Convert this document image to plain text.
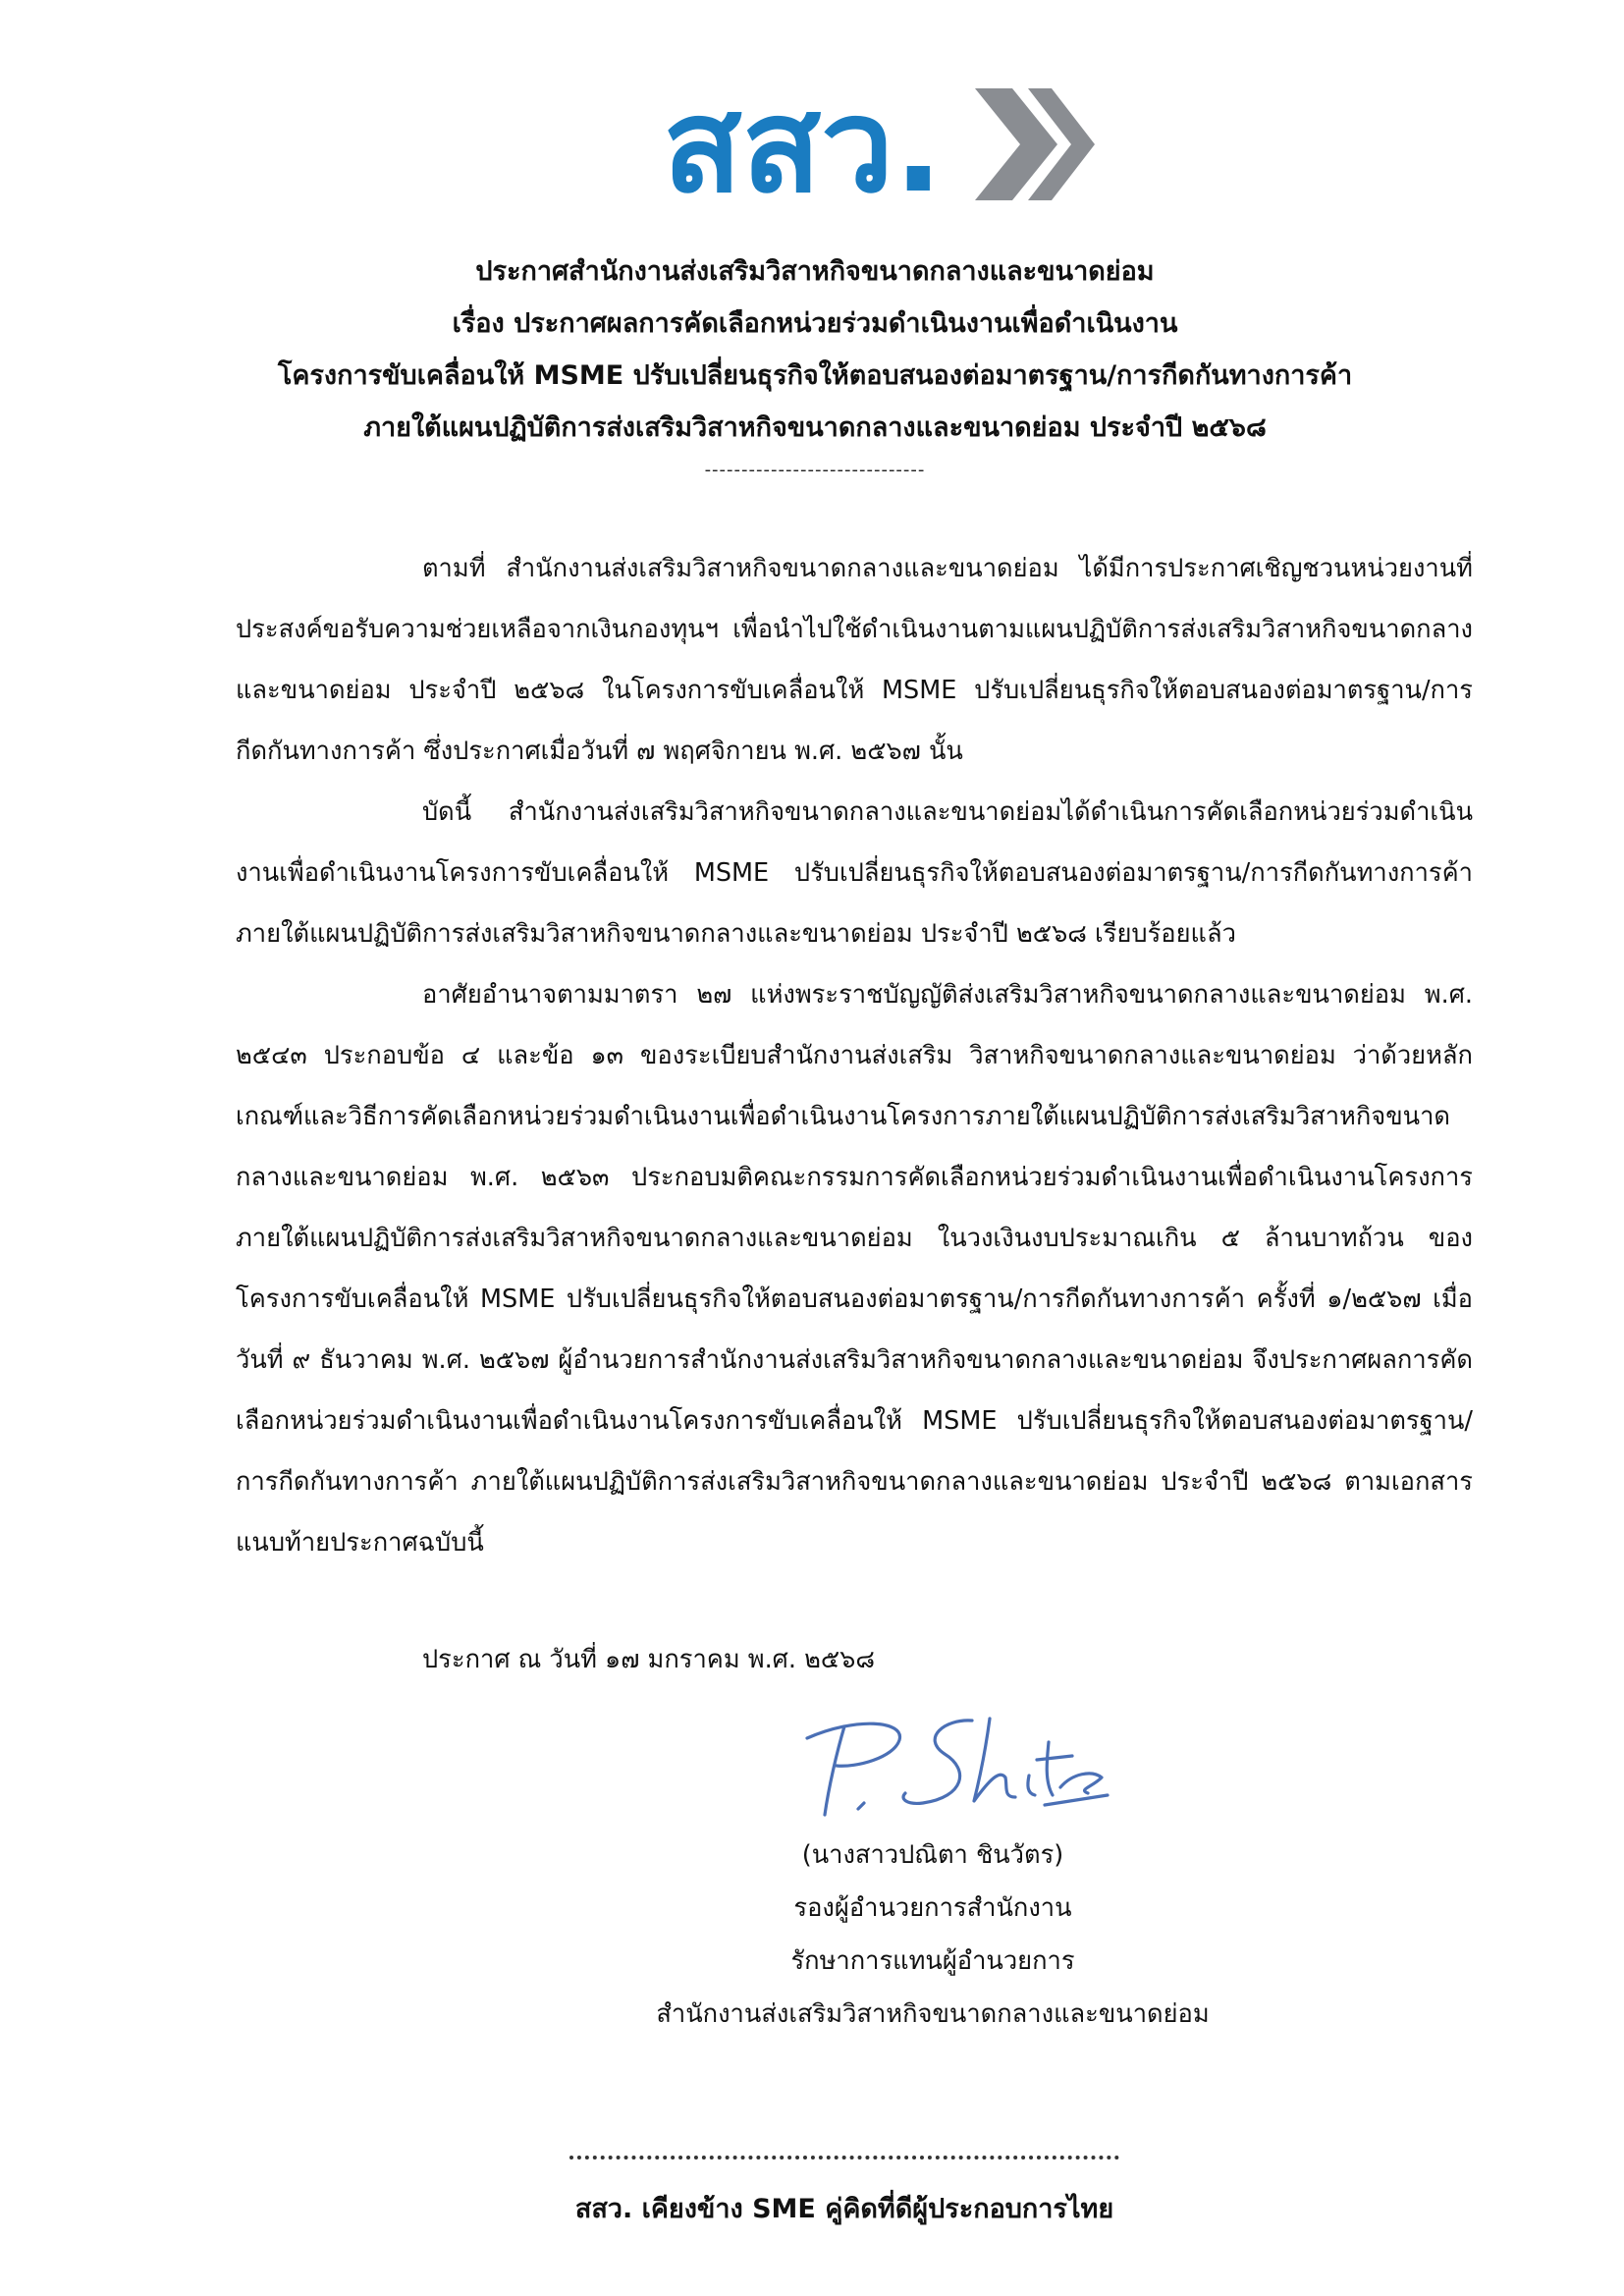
สสว.
ประกาศสำนักงานส่งเสริมวิสาหกิจขนาดกลางและขนาดย่อม
เรื่อง ประกาศผลการคัดเลือกหน่วยร่วมดำเนินงานเพื่อดำเนินงาน
โครงการขับเคลื่อนให้ MSME ปรับเปลี่ยนธุรกิจให้ตอบสนองต่อมาตรฐาน/การกีดกันทางการค้า
ภายใต้แผนปฏิบัติการส่งเสริมวิสาหกิจขนาดกลางและขนาดย่อม ประจำปี ๒๕๖๘
------------------------------

ตามที่ สำนักงานส่งเสริมวิสาหกิจขนาดกลางและขนาดย่อม ได้มีการประกาศเชิญชวนหน่วยงานที่ประสงค์ขอรับความช่วยเหลือจากเงินกองทุนฯ เพื่อนำไปใช้ดำเนินงานตามแผนปฏิบัติการส่งเสริมวิสาหกิจขนาดกลางและขนาดย่อม ประจำปี ๒๕๖๘ ในโครงการขับเคลื่อนให้ MSME ปรับเปลี่ยนธุรกิจให้ตอบสนองต่อมาตรฐาน/การกีดกันทางการค้า ซึ่งประกาศเมื่อวันที่ ๗ พฤศจิกายน พ.ศ. ๒๕๖๗ นั้น

บัดนี้ สำนักงานส่งเสริมวิสาหกิจขนาดกลางและขนาดย่อมได้ดำเนินการคัดเลือกหน่วยร่วมดำเนินงานเพื่อดำเนินงานโครงการขับเคลื่อนให้ MSME ปรับเปลี่ยนธุรกิจให้ตอบสนองต่อมาตรฐาน/การกีดกันทางการค้า ภายใต้แผนปฏิบัติการส่งเสริมวิสาหกิจขนาดกลางและขนาดย่อม ประจำปี ๒๕๖๘ เรียบร้อยแล้ว

อาศัยอำนาจตามมาตรา ๒๗ แห่งพระราชบัญญัติส่งเสริมวิสาหกิจขนาดกลางและขนาดย่อม พ.ศ. ๒๕๔๓ ประกอบข้อ ๔ และข้อ ๑๓ ของระเบียบสำนักงานส่งเสริม วิสาหกิจขนาดกลางและขนาดย่อม ว่าด้วยหลักเกณฑ์และวิธีการคัดเลือกหน่วยร่วมดำเนินงานเพื่อดำเนินงานโครงการภายใต้แผนปฏิบัติการส่งเสริมวิสาหกิจขนาดกลางและขนาดย่อม พ.ศ. ๒๕๖๓ ประกอบมติคณะกรรมการคัดเลือกหน่วยร่วมดำเนินงานเพื่อดำเนินงานโครงการภายใต้แผนปฏิบัติการส่งเสริมวิสาหกิจขนาดกลางและขนาดย่อม ในวงเงินงบประมาณเกิน ๕ ล้านบาทถ้วน ของโครงการขับเคลื่อนให้ MSME ปรับเปลี่ยนธุรกิจให้ตอบสนองต่อมาตรฐาน/การกีดกันทางการค้า ครั้งที่ ๑/๒๕๖๗ เมื่อวันที่ ๙ ธันวาคม พ.ศ. ๒๕๖๗ ผู้อำนวยการสำนักงานส่งเสริมวิสาหกิจขนาดกลางและขนาดย่อม จึงประกาศผลการคัดเลือกหน่วยร่วมดำเนินงานเพื่อดำเนินงานโครงการขับเคลื่อนให้ MSME ปรับเปลี่ยนธุรกิจให้ตอบสนองต่อมาตรฐาน/การกีดกันทางการค้า ภายใต้แผนปฏิบัติการส่งเสริมวิสาหกิจขนาดกลางและขนาดย่อม ประจำปี ๒๕๖๘ ตามเอกสารแนบท้ายประกาศฉบับนี้

ประกาศ ณ วันที่ ๑๗ มกราคม พ.ศ. ๒๕๖๘
(นางสาวปณิตา ชินวัตร)
รองผู้อำนวยการสำนักงาน
รักษาการแทนผู้อำนวยการ
สำนักงานส่งเสริมวิสาหกิจขนาดกลางและขนาดย่อม
สสว. เคียงข้าง SME คู่คิดที่ดีผู้ประกอบการไทย
